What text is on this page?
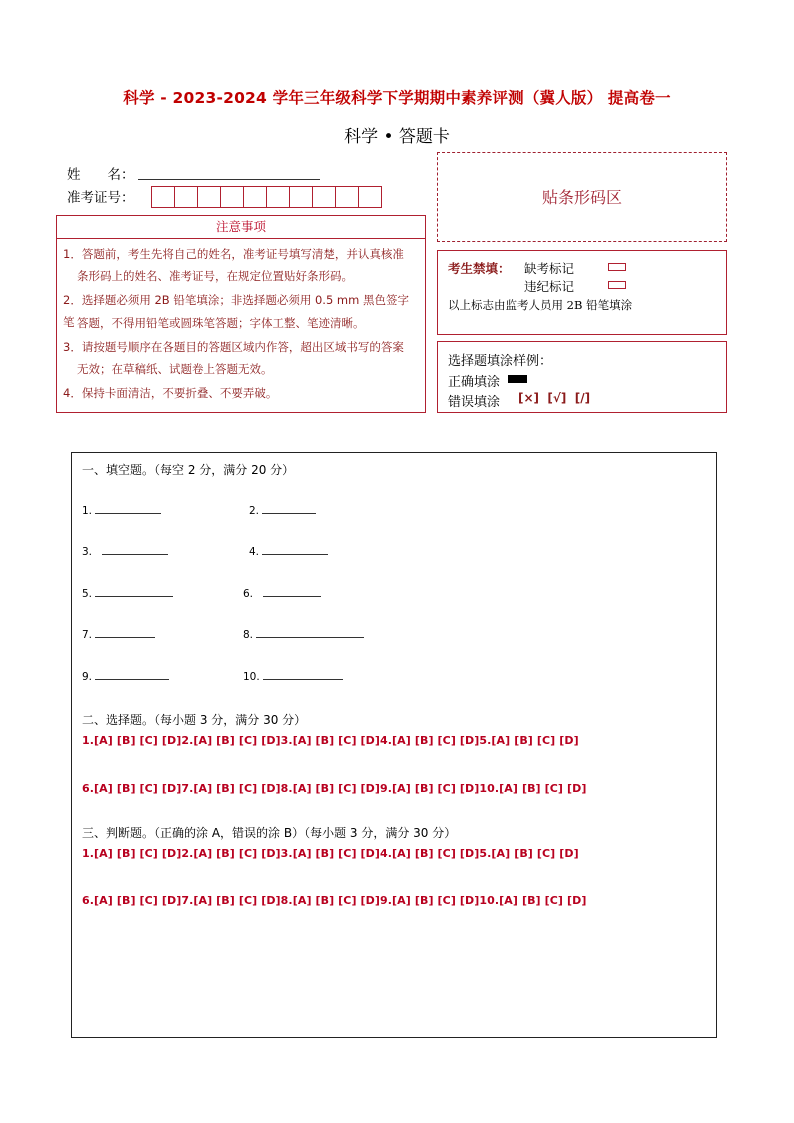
科学 - 2023-2024 学年三年级科学下学期期中素养评测（冀人版） 提高卷一
科学 • 答题卡
姓　　名：
准考证号：	贴条形码区
注意事项
1．答题前，考生先将自己的姓名，准考证号填写清楚，并认真核准
条形码上的姓名、准考证号，在规定位置贴好条形码。
2．选择题必须用 2B 铅笔填涂；非选择题必须用 0.5 mm 黑色签字笔 答题，不得用铅笔或圆珠笔答题；字体工整、笔迹清晰。
3．请按题号顺序在各题目的答题区域内作答，超出区域书写的答案
无效；在草稿纸、试题卷上答题无效。
4．保持卡面清洁，不要折叠、不要弄破。
考生禁填： 缺考标记
违纪标记
以上标志由监考人员用 2B 铅笔填涂
选择题填涂样例：
正确填涂
错误填涂 [×]  [√]  [/]
一、填空题。（每空 2 分，满分 20 分）
1.	2.
3.	4.
5.	6.
7.	8.
9.	10.
二、选择题。（每小题 3 分，满分 30 分）
1.[A] [B] [C] [D]2.[A] [B] [C] [D]3.[A] [B] [C] [D]4.[A] [B] [C] [D]5.[A] [B] [C] [D]
6.[A] [B] [C] [D]7.[A] [B] [C] [D]8.[A] [B] [C] [D]9.[A] [B] [C] [D]10.[A] [B] [C] [D]
三、判断题。（正确的涂 A，错误的涂 B）（每小题 3 分，满分 30 分）
1.[A] [B] [C] [D]2.[A] [B] [C] [D]3.[A] [B] [C] [D]4.[A] [B] [C] [D]5.[A] [B] [C] [D]
6.[A] [B] [C] [D]7.[A] [B] [C] [D]8.[A] [B] [C] [D]9.[A] [B] [C] [D]10.[A] [B] [C] [D]
